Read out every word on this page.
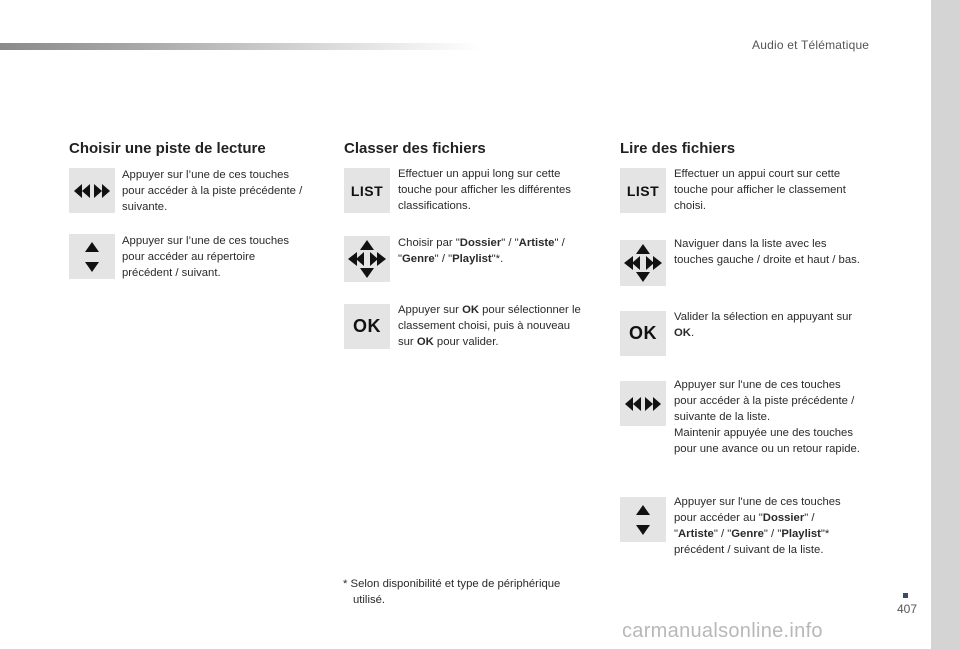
Audio et Télématique
Choisir une piste de lecture	Classer des fichiers	Lire des fichiers
Appuyer sur l’une de ces touches
pour accéder à la piste précédente /
suivante.
Appuyer sur l’une de ces touches
pour accéder au répertoire
précédent / suivant.
LIST
Effectuer un appui long sur cette
touche pour afficher les différentes
classifications.
Choisir par "Dossier" / "Artiste" /
"Genre" / "Playlist"*.
OK
Appuyer sur OK pour sélectionner le
classement choisi, puis à nouveau
sur OK pour valider.
LIST
Effectuer un appui court sur cette
touche pour afficher le classement
choisi.
Naviguer dans la liste avec les
touches gauche / droite et haut / bas.
OK
Valider la sélection en appuyant sur
OK.
Appuyer sur l'une de ces touches
pour accéder à la piste précédente /
suivante de la liste.
Maintenir appuyée une des touches
pour une avance ou un retour rapide.
Appuyer sur l'une de ces touches
pour accéder au "Dossier" /
"Artiste" / "Genre" / "Playlist"*
précédent / suivant de la liste.
* Selon disponibilité et type de périphérique
utilisé.
407
carmanualsonline.info
